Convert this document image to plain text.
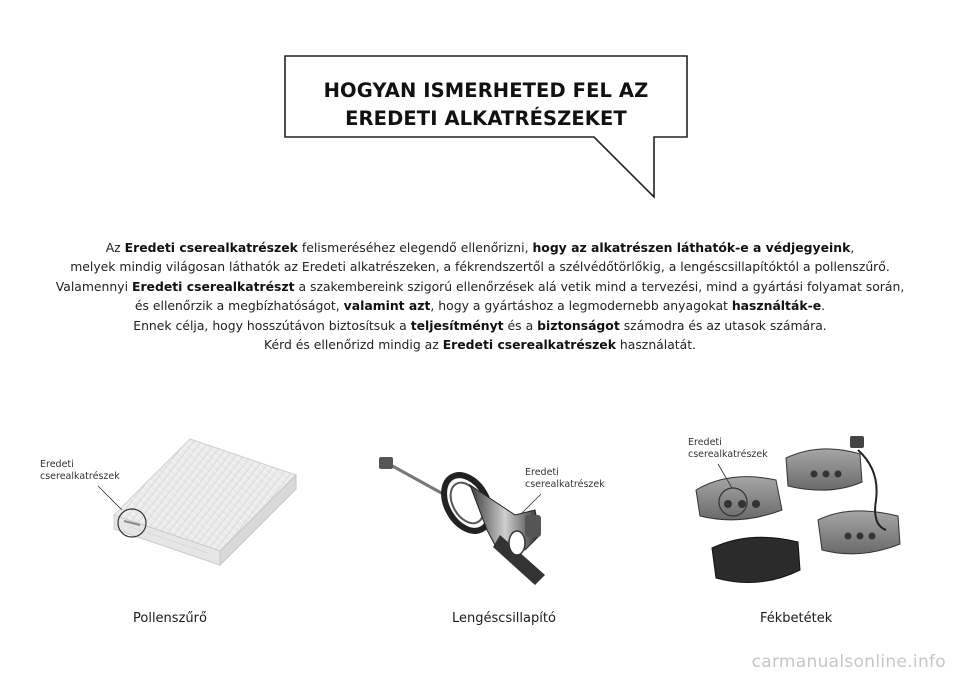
HOGYAN ISMERHETED FEL AZ
EREDETI ALKATRÉSZEKET

Az Eredeti cserealkatrészek felismeréséhez elegendő ellenőrizni, hogy az alkatrészen láthatók-e a védjegyeink,
melyek mindig világosan láthatók az Eredeti alkatrészeken, a fékrendszertől a szélvédőtörlőkig, a lengéscsillapítóktól a pollenszűrő.
Valamennyi Eredeti cserealkatrészt a szakembereink szigorú ellenőrzések alá vetik mind a tervezési, mind a gyártási folyamat során,
és ellenőrzik a megbízhatóságot, valamint azt, hogy a gyártáshoz a legmodernebb anyagokat használták-e.
Ennek célja, hogy hosszútávon biztosítsuk a teljesítményt és a biztonságot számodra és az utasok számára.
Kérd és ellenőrizd mindig az Eredeti cserealkatrészek használatát.

Eredeti
cserealkatrészek
Pollenszűrő
Eredeti
cserealkatrészek
Lengéscsillapító
Eredeti
cserealkatrészek
Fékbetétek
carmanualsonline.info
